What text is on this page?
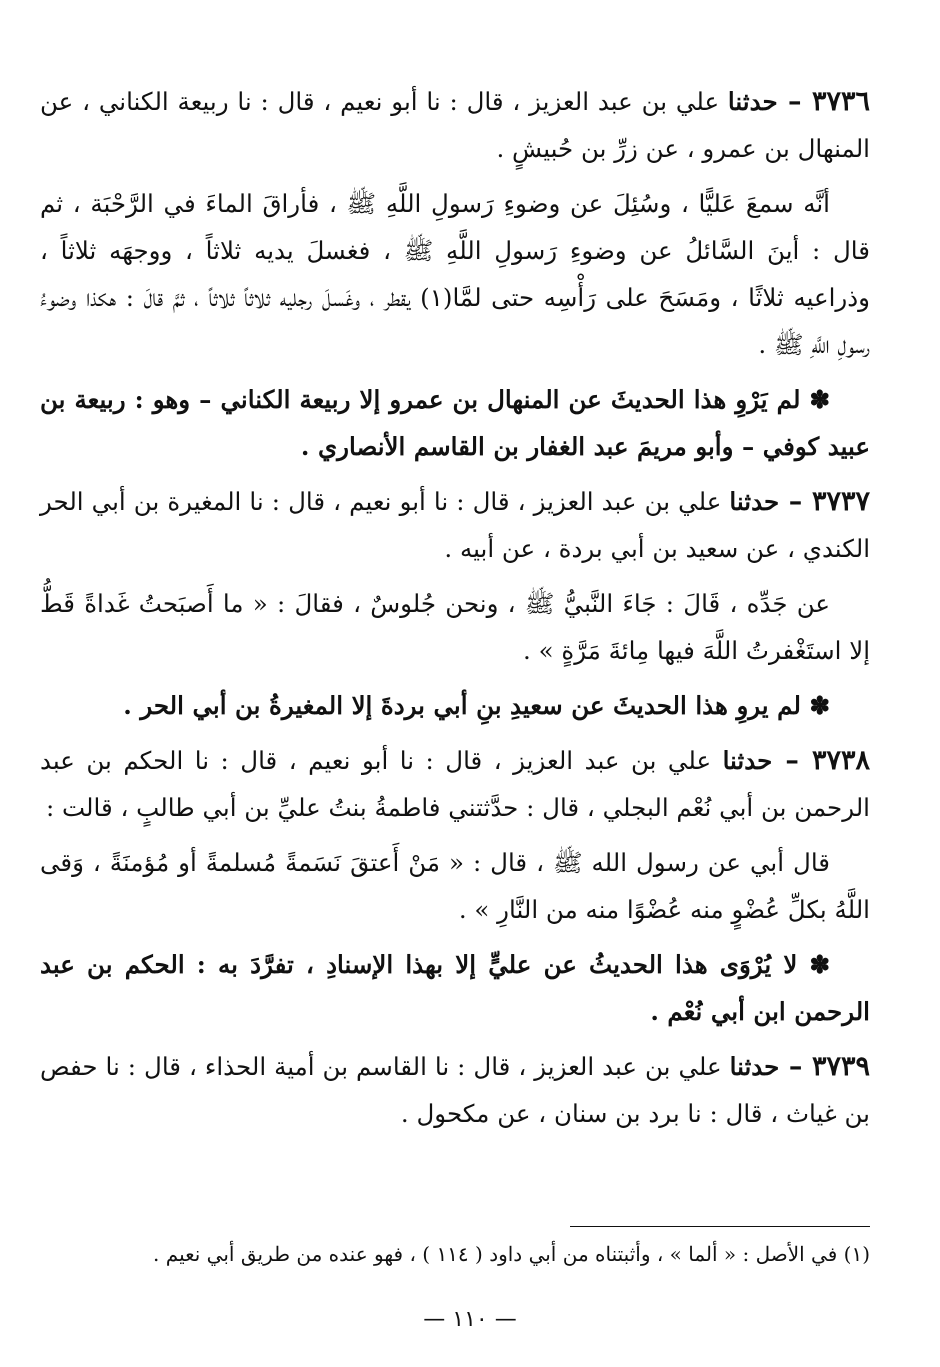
٣٧٣٦ – حدثنا علي بن عبد العزيز ، قال : نا أبو نعيم ، قال : نا ربيعة الكناني ، عن المنهال بن عمرو ، عن زرِّ بن حُبيشٍ .

أنَّه سمعَ عَليًّا ، وسُئِلَ عن وضوءِ رَسولِ اللَّهِ ﷺ ، فأراقَ الماءَ في الرَّحْبَة ، ثم قال : أينَ السَّائلُ عن وضوءِ رَسولِ اللَّهِ ﷺ ، فغسلَ يديه ثلاثاً ، ووجهَه ثلاثاً ، وذراعيه ثلاثًا ، ومَسَحَ على رَأْسِه حتى لمَّا(١) يقطر ، وغَسلَ رجليه ثلاثاً ثلاثاً ، ثمَّ قالَ : هكذا وضوءُ رسولِ اللَّهِ ﷺ .

✽ لم يَرْوِ هذا الحديثَ عن المنهال بن عمرو إلا ربيعة الكناني – وهو : ربيعة بن عبيد كوفي – وأبو مريمَ عبد الغفار بن القاسم الأنصاري .

٣٧٣٧ – حدثنا علي بن عبد العزيز ، قال : نا أبو نعيم ، قال : نا المغيرة بن أبي الحر الكندي ، عن سعيد بن أبي بردة ، عن أبيه .

عن جَدِّه ، قَالَ : جَاءَ النَّبيُّ ﷺ ، ونحن جُلوسٌ ، فقالَ : « ما أَصبَحتُ غَداةً قَطُّ إلا استَغْفرتُ اللَّهَ فيها مِائةَ مَرَّةٍ » .

✽ لم يروِ هذا الحديثَ عن سعيدِ بنِ أبي بردةَ إلا المغيرةُ بن أبي الحر .

٣٧٣٨ – حدثنا علي بن عبد العزيز ، قال : نا أبو نعيم ، قال : نا الحكم بن عبد الرحمن بن أبي نُعْم البجلي ، قال : حدَّثتني فاطمةُ بنتُ عليِّ بن أبي طالبٍ ، قالت :

قال أبي عن رسول الله ﷺ ، قال : « مَنْ أَعتقَ نَسَمةً مُسلمةً أو مُؤمنَةً ، وَقى اللَّهُ بكلِّ عُضْوٍ منه عُضْوًا منه من النَّارِ » .

✽ لا يُرْوَى هذا الحديثُ عن عليٍّ إلا بهذا الإسنادِ ، تفرَّدَ به : الحكم بن عبد الرحمن ابن أبي نُعْم .

٣٧٣٩ – حدثنا علي بن عبد العزيز ، قال : نا القاسم بن أمية الحذاء ، قال : نا حفص بن غياث ، قال : نا برد بن سنان ، عن مكحول .

(١) في الأصل : « ألما » ، وأثبتناه من أبي داود ( ١١٤ ) ، فهو عنده من طريق أبي نعيم .
— ١١٠ —
